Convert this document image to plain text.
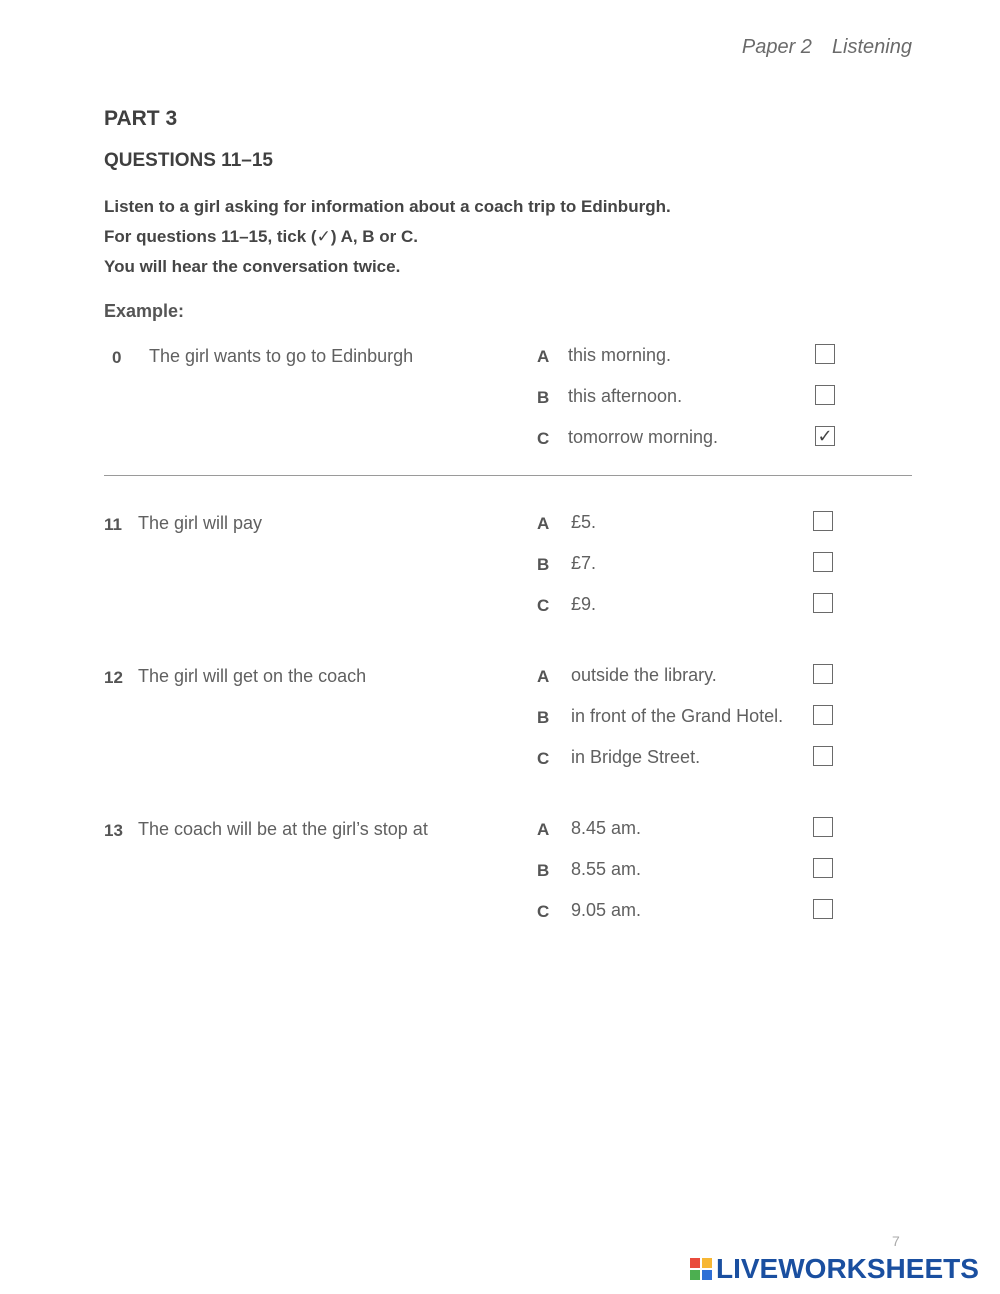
Paper 2 Listening
PART 3
QUESTIONS 11–15
Listen to a girl asking for information about a coach trip to Edinburgh.
For questions 11–15, tick (✓) A, B or C.
You will hear the conversation twice.
Example:
0 The girl wants to go to Edinburgh	A this morning.
B this afternoon.
C tomorrow morning.	✓
11 The girl will pay	A £5.
B £7.
C £9.
12 The girl will get on the coach	A outside the library.
B in front of the Grand Hotel.
C in Bridge Street.
13 The coach will be at the girl’s stop at	A 8.45 am.
B 8.55 am.
C 9.05 am.
7
LIVEWORKSHEETS
